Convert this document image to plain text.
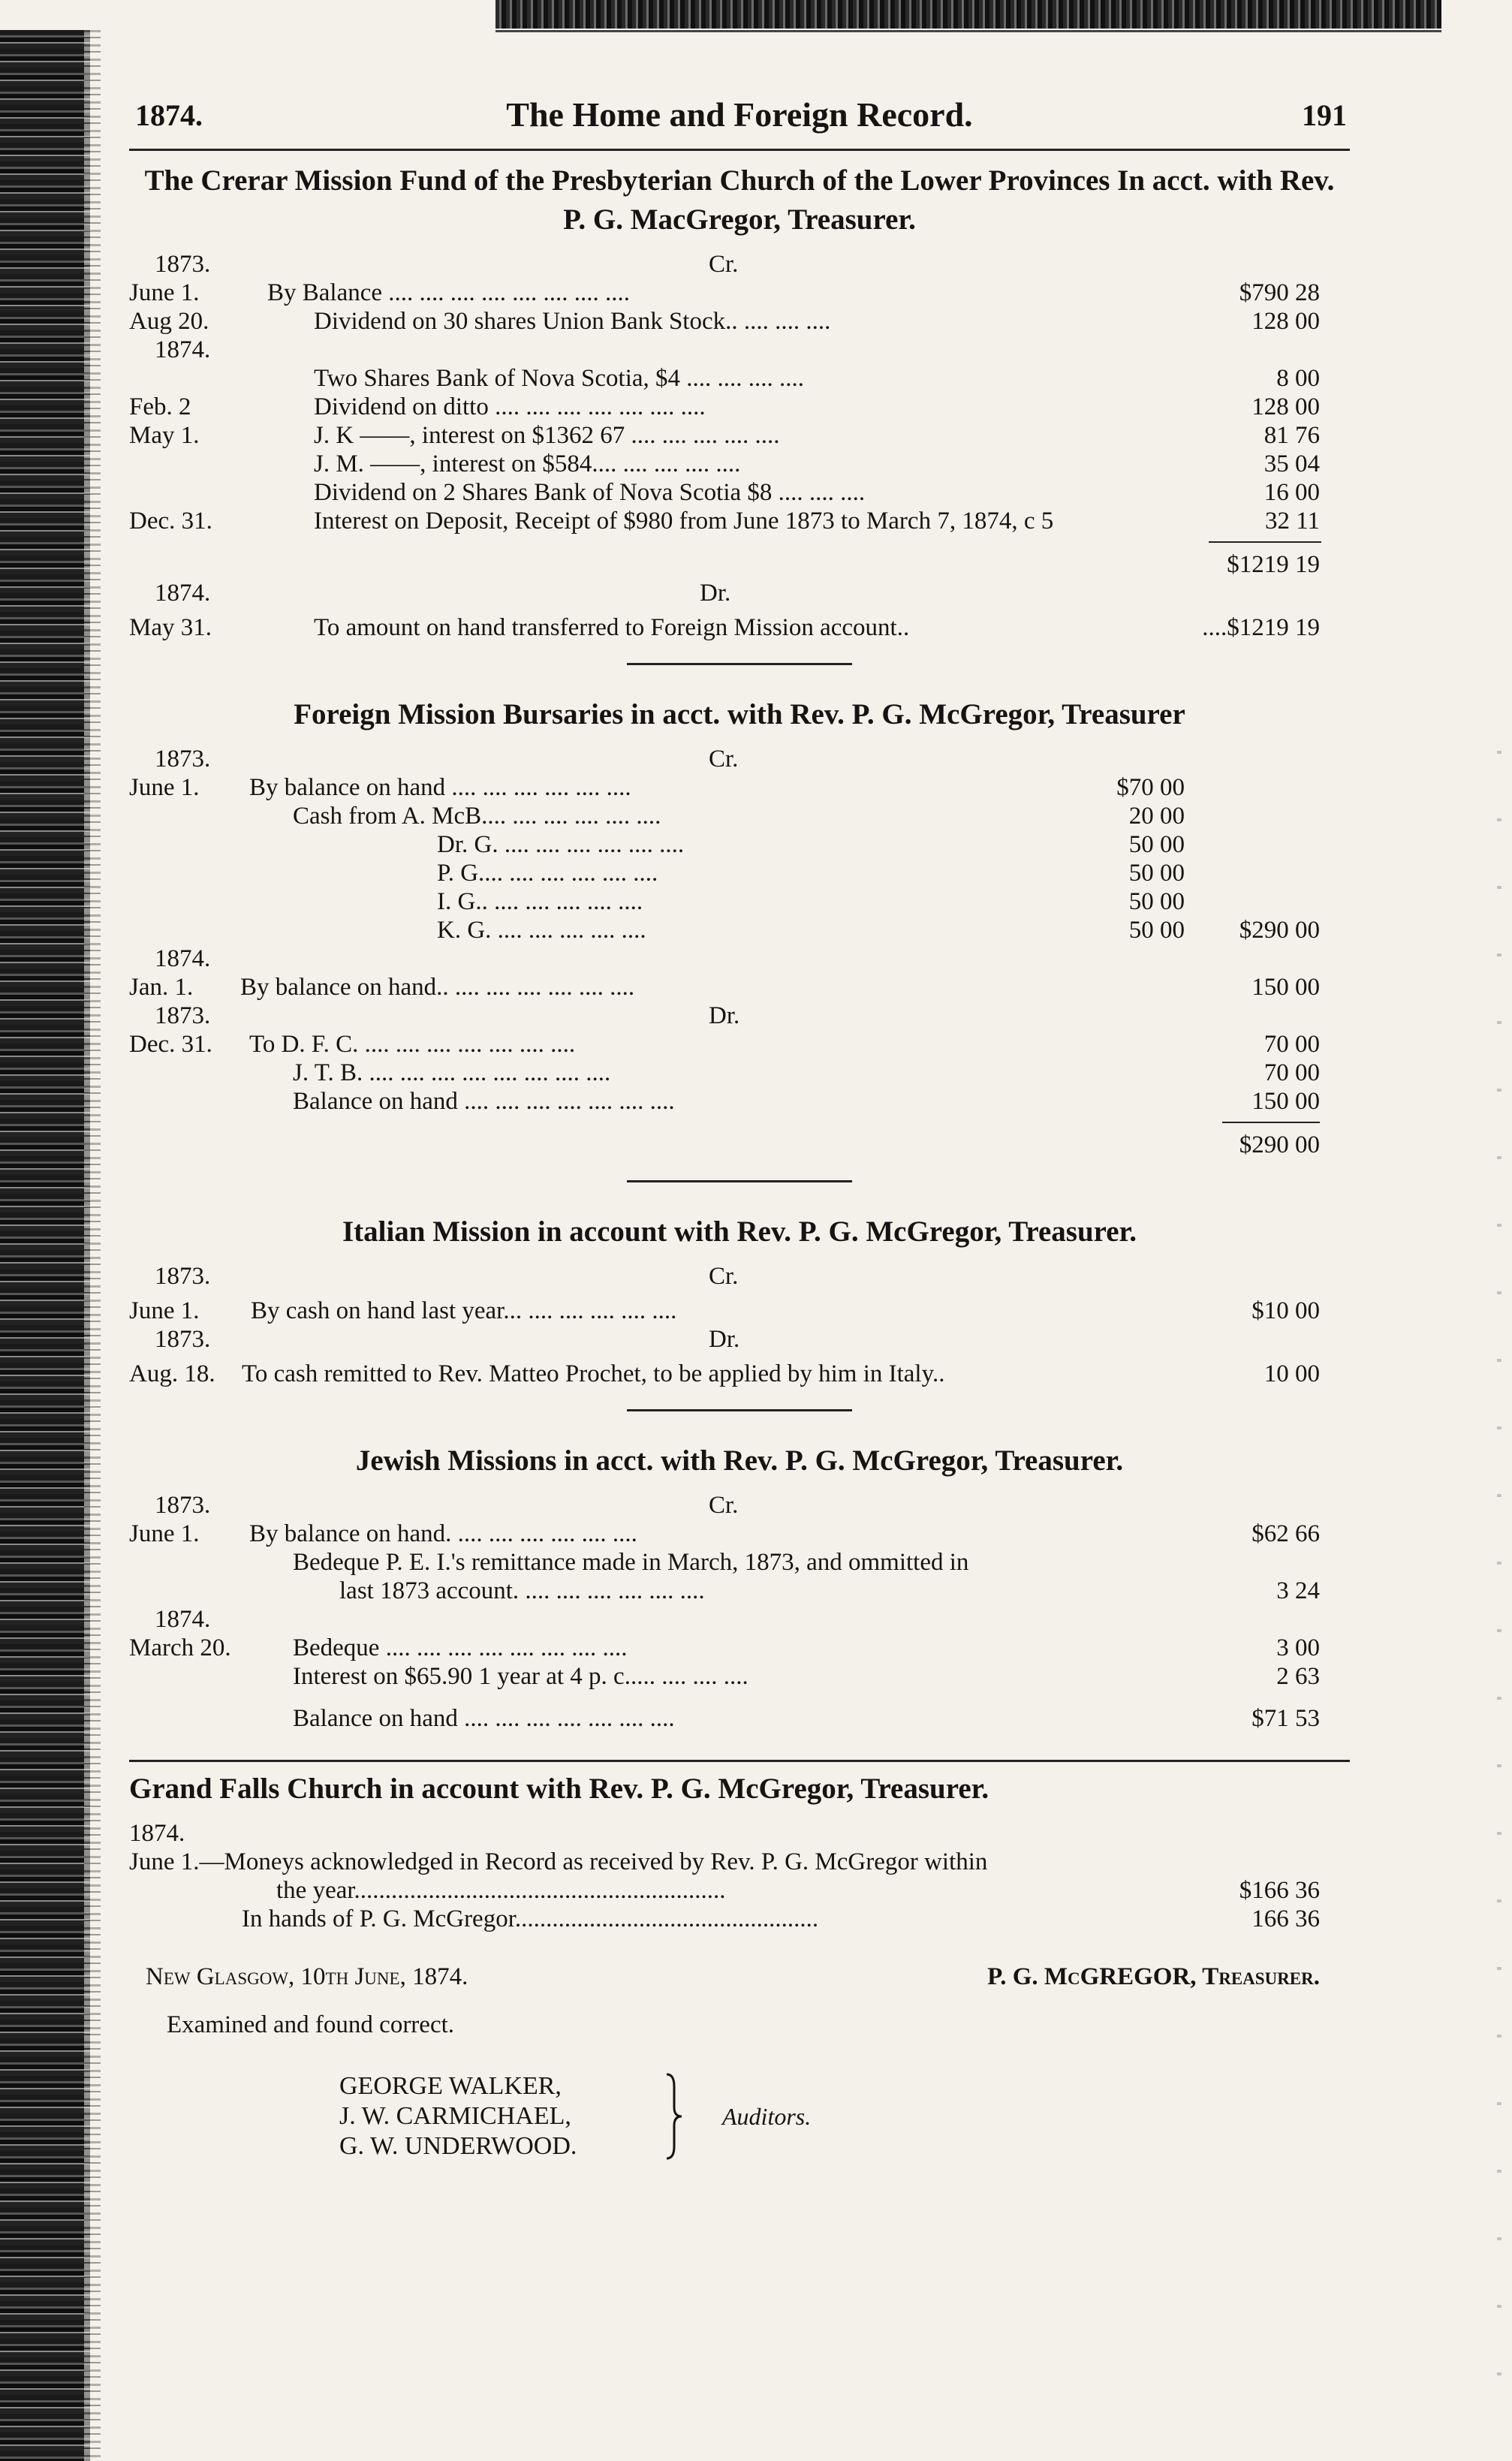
1874.	The Home and Foreign Record.	191
The Crerar Mission Fund of the Presbyterian Church of the Lower Provinces In acct. with Rev. P. G. MacGregor, Treasurer.
1873.	Cr.
June 1.	By Balance .... .... .... .... .... .... .... ....	$790 28
Aug 20.	Dividend on 30 shares Union Bank Stock.. .... .... ....	128 00
1874.
Two Shares Bank of Nova Scotia, $4 .... .... .... ....	8 00
Feb. 2	Dividend on ditto .... .... .... .... .... .... ....	128 00
May 1.	J. K ——, interest on $1362 67 .... .... .... .... ....	81 76
J. M. ——, interest on $584.... .... .... .... ....	35 04
Dividend on 2 Shares Bank of Nova Scotia $8 .... .... ....	16 00
Dec. 31.	Interest on Deposit, Receipt of $980 from June 1873 to March 7, 1874, c 5	32 11
$1219 19
1874.	Dr.
May 31.	To amount on hand transferred to Foreign Mission account..	....$1219 19
Foreign Mission Bursaries in acct. with Rev. P. G. McGregor, Treasurer
1873.	Cr.
June 1. By balance on hand .... .... .... .... .... ....	$70 00
Cash from A. McB.... .... .... .... .... ....	20 00
Dr. G. .... .... .... .... .... ....	50 00
P. G.... .... .... .... .... ....	50 00
I. G.. .... .... .... .... ....	50 00
K. G. .... .... .... .... ....	50 00 $290 00
1874.
Jan. 1. By balance on hand.. .... .... .... .... .... ....	150 00
1873.	Dr.
Dec. 31. To D. F. C. .... .... .... .... .... .... ....	70 00
J. T. B. .... .... .... .... .... .... .... ....	70 00
Balance on hand .... .... .... .... .... .... ....	150 00
$290 00
Italian Mission in account with Rev. P. G. McGregor, Treasurer.
1873.	Cr.
June 1. By cash on hand last year... .... .... .... .... ....	$10 00
1873.	Dr.
Aug. 18. To cash remitted to Rev. Matteo Prochet, to be applied by him in Italy..	10 00
Jewish Missions in acct. with Rev. P. G. McGregor, Treasurer.
1873.	Cr.
June 1. By balance on hand. .... .... .... .... .... ....	$62 66
Bedeque P. E. I.'s remittance made in March, 1873, and ommitted in
last 1873 account. .... .... .... .... .... ....	3 24
1874.
March 20. Bedeque .... .... .... .... .... .... .... ....	3 00
Interest on $65.90 1 year at 4 p. c..... .... .... ....	2 63
Balance on hand .... .... .... .... .... .... ....	$71 53
Grand Falls Church in account with Rev. P. G. McGregor, Treasurer.
1874.
June 1.—Moneys acknowledged in Record as received by Rev. P. G. McGregor within
the year............................................................	$166 36
In hands of P. G. McGregor.................................................	166 36
New Glasgow, 10th June, 1874.	P. G. McGREGOR, Treasurer.
Examined and found correct.
GEORGE WALKER,
J. W. CARMICHAEL,
G. W. UNDERWOOD.
Auditors.
